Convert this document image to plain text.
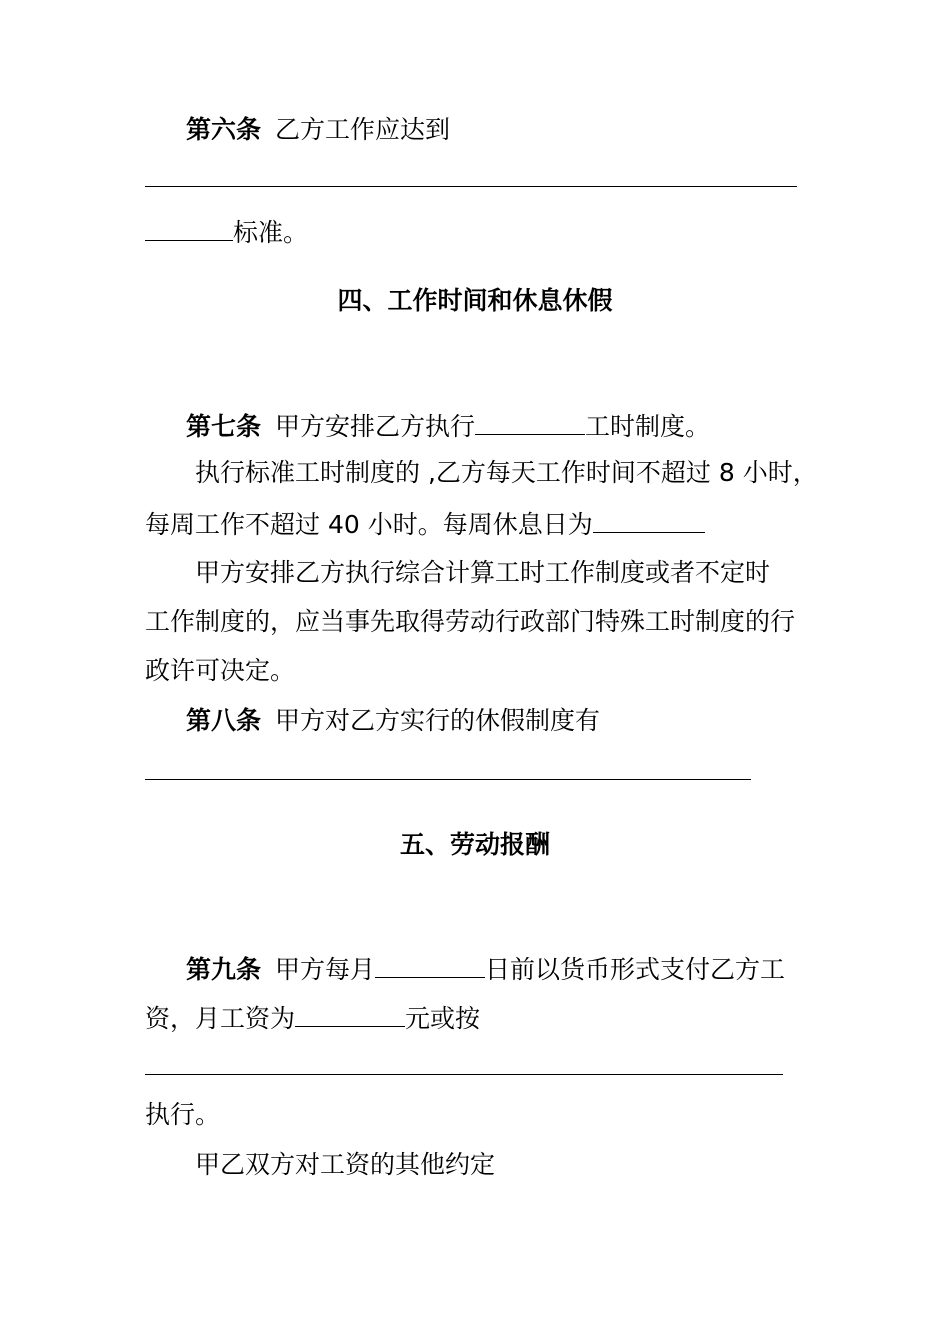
第六条 乙方工作应达到
标准。
四、工作时间和休息休假
第七条 甲方安排乙方执行	工时制度。
执行标准工时制度的 ,乙方每天工作时间不超过 8 小时，
每周工作不超过 40 小时。每周休息日为
甲方安排乙方执行综合计算工时工作制度或者不定时
工作制度的，应当事先取得劳动行政部门特殊工时制度的行
政许可决定。
第八条 甲方对乙方实行的休假制度有
五、劳动报酬
第九条 甲方每月	日前以货币形式支付乙方工
资，月工资为	元或按
执行。
甲乙双方对工资的其他约定
